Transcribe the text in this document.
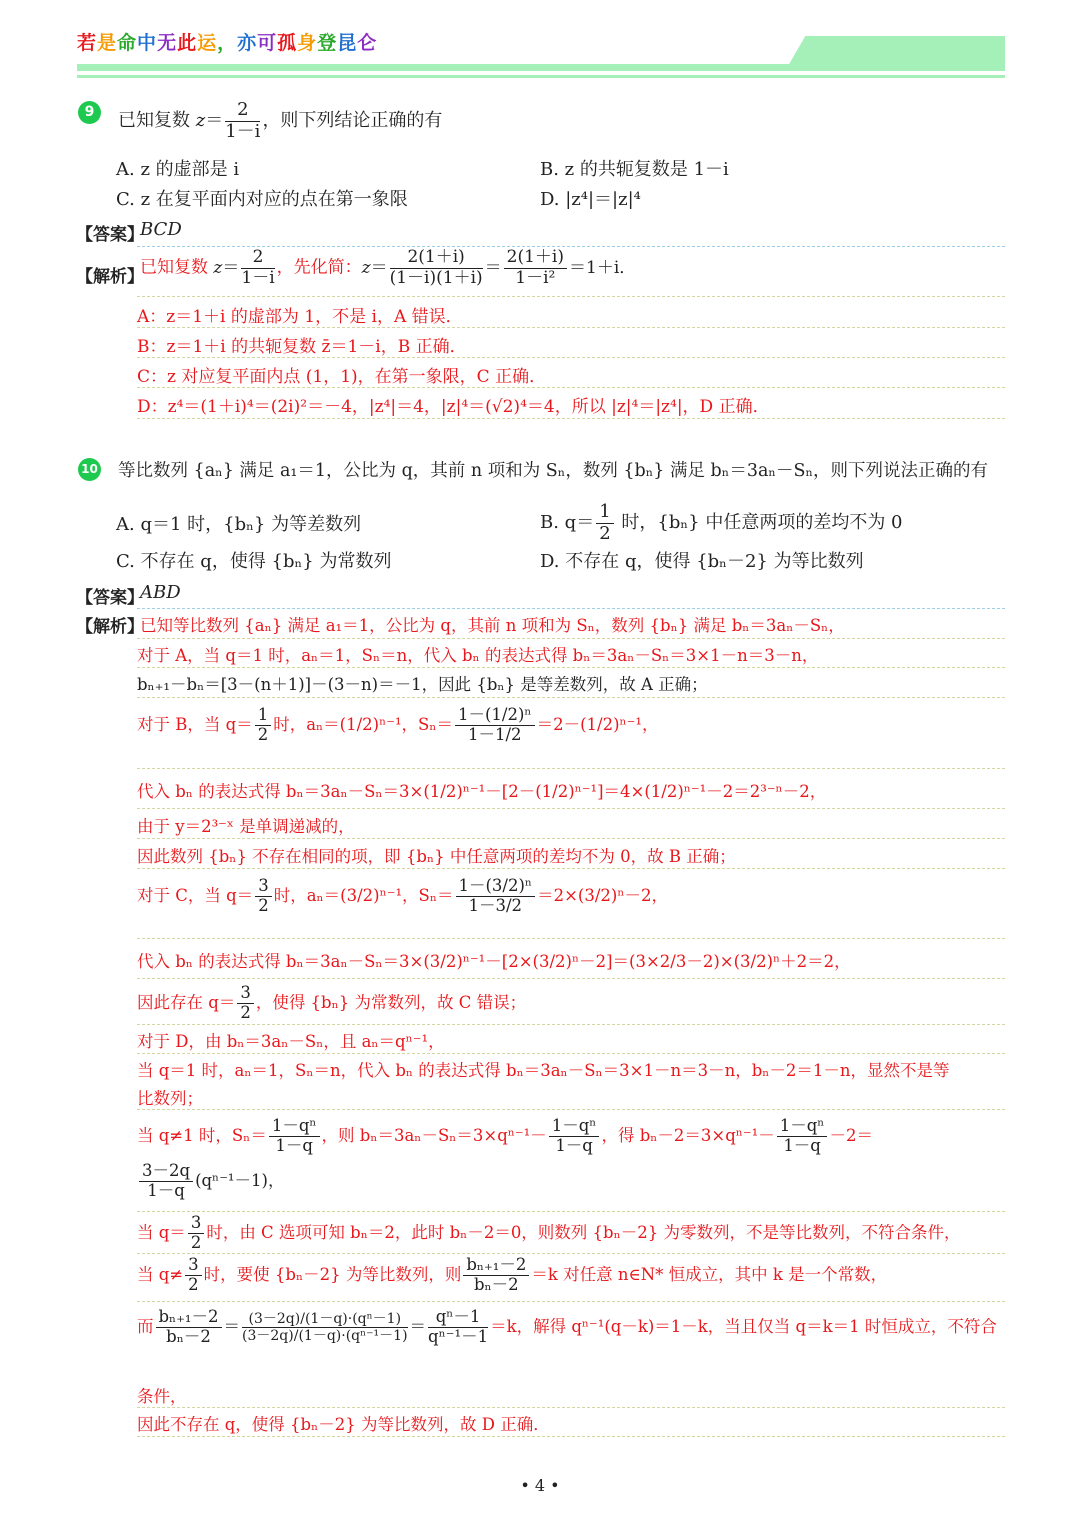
若是命中无此运，亦可孤身登昆仑
9	已知复数 $z= \frac{2}{1-i}$ ，则下列结论正确的有
A. z 的虚部是 i	B. z 的共轭复数是 1－i
C. z 在复平面内对应的点在第一象限	D. |z⁴|＝|z|⁴
【答案】
BCD
【解析】
已知复数 $z= \frac{2}{1-i}$ ，先化简：$z= \frac{2(1+i)}{(1-i)(1+i)} = \frac{2(1+i)}{\text{1－i²}} =1+i$．
A：z＝1＋i 的虚部为 1，不是 i，A 错误．
B：z＝1＋i 的共轭复数 z̄＝1－i，B 正确．
C：z 对应复平面内点 (1，1)，在第一象限，C 正确．
D：z⁴＝(1＋i)⁴＝(2i)²＝－4，|z⁴|＝4，|z|⁴＝(√2)⁴＝4，所以 |z|⁴＝|z⁴|，D 正确．
10 等比数列 {aₙ} 满足 a₁＝1，公比为 q，其前 n 项和为 Sₙ，数列 {bₙ} 满足 bₙ＝3aₙ－Sₙ，则下列说法正确的有
A. q＝1 时，{bₙ} 为等差数列	B. $q= \frac{1}{2}$ 时，{bₙ} 中任意两项的差均不为 0
C. 不存在 q，使得 {bₙ} 为常数列	D. 不存在 q，使得 {bₙ－2} 为等比数列
【答案】
ABD
【解析】
已知等比数列 {aₙ} 满足 a₁＝1，公比为 q，其前 n 项和为 Sₙ，数列 {bₙ} 满足 bₙ＝3aₙ－Sₙ，
对于 A，当 q＝1 时，aₙ＝1，Sₙ＝n，代入 bₙ 的表达式得 bₙ＝3aₙ－Sₙ＝3×1－n＝3－n，
bₙ₊₁－bₙ＝[3－(n＋1)]－(3－n)＝－1，因此 {bₙ} 是等差数列，故 A 正确；
对于 B，当 $q= \frac{1}{2}$ 时，aₙ＝(1/2)ⁿ⁻¹，$S_n= \frac{\text{1－(1/2)ⁿ}}{1-1/2} =2-(1/2)^{n-1}$，
代入 bₙ 的表达式得 bₙ＝3aₙ－Sₙ＝3×(1/2)ⁿ⁻¹－[2－(1/2)ⁿ⁻¹]＝4×(1/2)ⁿ⁻¹－2＝2³⁻ⁿ－2，
由于 y＝2³⁻ˣ 是单调递减的，
因此数列 {bₙ} 不存在相同的项，即 {bₙ} 中任意两项的差均不为 0，故 B 正确；
对于 C，当 $q= \frac{3}{2}$ 时，aₙ＝(3/2)ⁿ⁻¹，$S_n= \frac{\text{1－(3/2)ⁿ}}{1-3/2} =2\times(3/2)^n-2$，
代入 bₙ 的表达式得 bₙ＝3aₙ－Sₙ＝3×(3/2)ⁿ⁻¹－[2×(3/2)ⁿ－2]＝(3×2/3－2)×(3/2)ⁿ＋2＝2，
因此存在 $q= \frac{3}{2}$ ，使得 {bₙ} 为常数列，故 C 错误；
对于 D，由 bₙ＝3aₙ－Sₙ，且 aₙ＝qⁿ⁻¹，
当 q＝1 时，aₙ＝1，Sₙ＝n，代入 bₙ 的表达式得 bₙ＝3aₙ－Sₙ＝3×1－n＝3－n，bₙ－2＝1－n，显然不是等
比数列；
当 q≠1 时，$S_n= \frac{\text{1－qⁿ}}{1-q}$ ，则 $b_n=3a_n-S_n=3\times q^{n-1}- \frac{\text{1－qⁿ}}{1-q}$ ，得 $b_n-2=3\times q^{n-1}- \frac{\text{1－qⁿ}}{1-q} -2=$
$\frac{3-2q}{1-q} (q^{n-1}-1)$，
当 $q= \frac{3}{2}$ 时，由 C 选项可知 bₙ＝2，此时 bₙ－2＝0，则数列 {bₙ－2} 为零数列，不是等比数列，不符合条件，
当 $q\ne \frac{3}{2}$ 时，要使 {bₙ－2} 为等比数列，则 $\frac{\text{bₙ₊₁－2}}{\text{bₙ－2}} =k$ 对任意 n∈N* 恒成立，其中 k 是一个常数，
而 $\frac{\text{bₙ₊₁－2}}{\text{bₙ－2}} = \frac{\text{(3－2q)/(1－q)·(qⁿ－1)}}{\text{(3－2q)/(1－q)·(qⁿ⁻¹－1)}} = \frac{\text{qⁿ－1}}{\text{qⁿ⁻¹－1}} =k$，解得 qⁿ⁻¹(q－k)＝1－k，当且仅当 q＝k＝1 时恒成立，不符合
条件，
因此不存在 q，使得 {bₙ－2} 为等比数列，故 D 正确．
• 4 •
